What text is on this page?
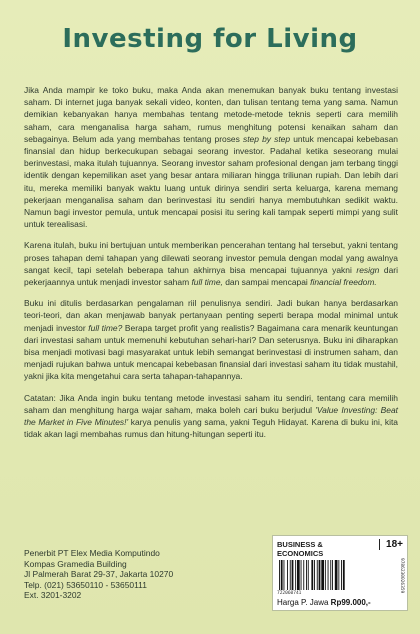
Investing for Living

Jika Anda mampir ke toko buku, maka Anda akan menemukan banyak buku tentang investasi saham. Di internet juga banyak sekali video, konten, dan tulisan tentang tema yang sama. Namun demikian kebanyakan hanya membahas tentang metode-metode teknis seperti cara memilih saham, cara menganalisa harga saham, rumus menghitung potensi kenaikan saham dan sebagainya. Belum ada yang membahas tentang proses step by step untuk mencapai kebebasan finansial dan hidup berkecukupan sebagai seorang investor. Padahal ketika seseorang mulai berinvestasi, maka itulah tujuannya. Seorang investor saham profesional dengan jam terbang tinggi identik dengan kepemilikan aset yang besar antara miliaran hingga triliunan rupiah. Dan lebih dari itu, mereka memiliki banyak waktu luang untuk dirinya sendiri serta keluarga, karena memang pekerjaan menganalisa saham dan berinvestasi itu sendiri hanya membutuhkan sedikit waktu. Namun bagi investor pemula, untuk mencapai posisi itu sering kali tampak seperti mimpi yang sulit untuk terealisasi.

Karena itulah, buku ini bertujuan untuk memberikan pencerahan tentang hal tersebut, yakni tentang proses tahapan demi tahapan yang dilewati seorang investor pemula dengan modal yang awalnya sangat kecil, tapi setelah beberapa tahun akhirnya bisa mencapai tujuannya yakni resign dari pekerjaannya untuk menjadi investor saham full time, dan sampai mencapai financial freedom.

Buku ini ditulis berdasarkan pengalaman riil penulisnya sendiri. Jadi bukan hanya berdasarkan teori-teori, dan akan menjawab banyak pertanyaan penting seperti berapa modal minimal untuk menjadi investor full time? Berapa target profit yang realistis? Bagaimana cara menarik keuntungan dari investasi saham untuk memenuhi kebutuhan sehari-hari? Dan seterusnya. Buku ini diharapkan bisa menjadi motivasi bagi masyarakat untuk lebih semangat berinvestasi di instrumen saham, dan menjadi rujukan bahwa untuk mencapai kebebasan finansial dari investasi saham itu tidak mustahil, yakni jika kita mengetahui cara serta tahapan-tahapannya.

Catatan: Jika Anda ingin buku tentang metode investasi saham itu sendiri, tentang cara memilih saham dan menghitung harga wajar saham, maka boleh cari buku berjudul 'Value Investing: Beat the Market in Five Minutes!' karya penulis yang sama, yakni Teguh Hidayat. Karena di buku ini, kita tidak akan lagi membahas rumus dan hitung-hitungan seperti itu.

Penerbit PT Elex Media Komputindo
Kompas Gramedia Building
Jl Palmerah Barat 29-37, Jakarta 10270
Telp. (021) 53650110 - 53650111
Ext. 3201-3202
BUSINESS &
ECONOMICS
18+
9786230026359
722060741
Harga P. Jawa Rp99.000,-
